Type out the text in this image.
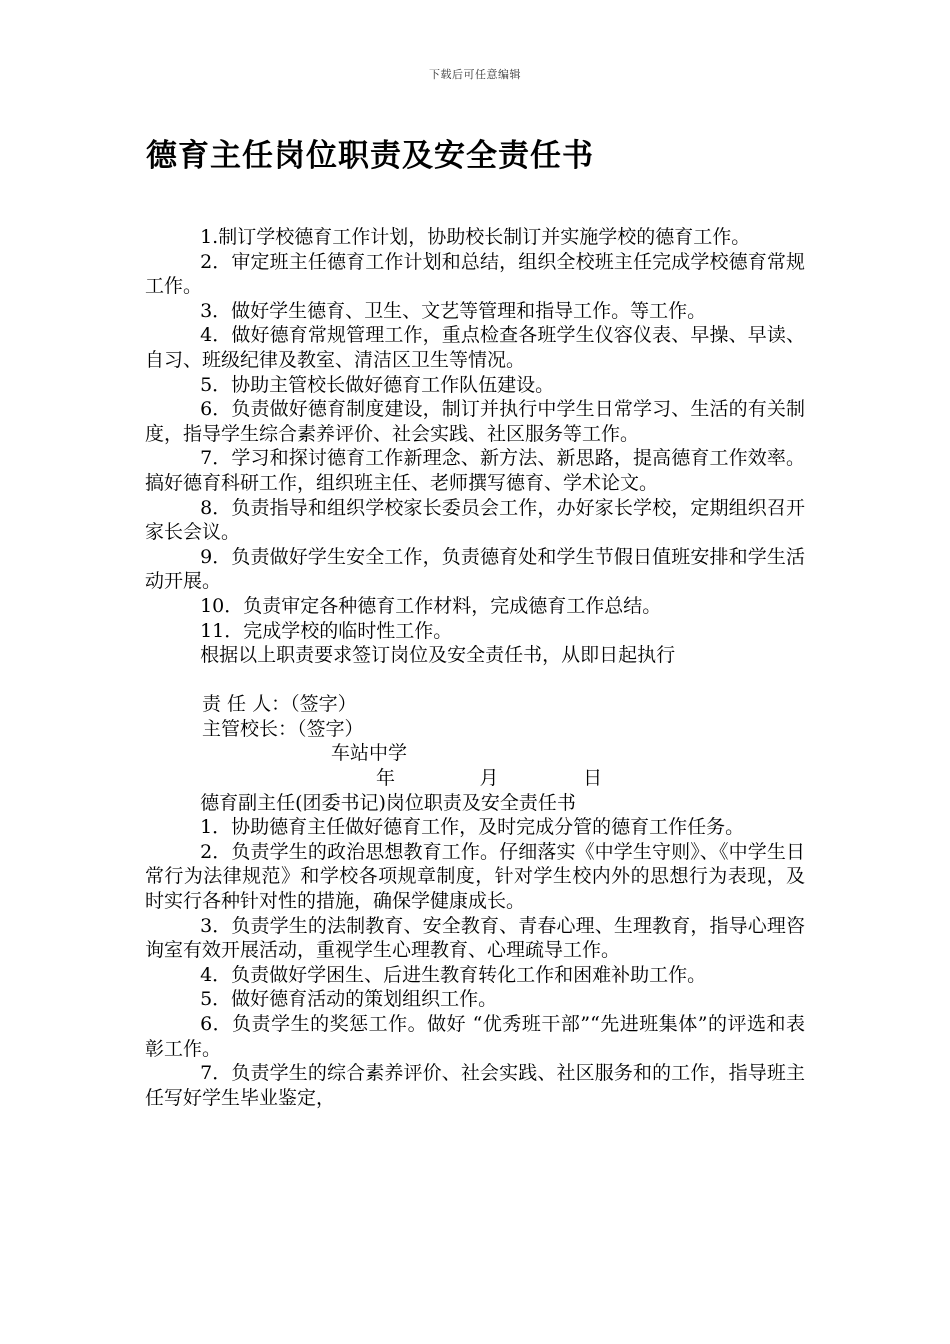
下载后可任意编辑
德育主任岗位职责及安全责任书

1.制订学校德育工作计划，协助校长制订并实施学校的德育工作。

2．审定班主任德育工作计划和总结，组织全校班主任完成学校德育常规工作。

3．做好学生德育、卫生、文艺等管理和指导工作。等工作。

4．做好德育常规管理工作，重点检查各班学生仪容仪表、早操、早读、自习、班级纪律及教室、清洁区卫生等情况。

5．协助主管校长做好德育工作队伍建设。

6．负责做好德育制度建设，制订并执行中学生日常学习、生活的有关制度，指导学生综合素养评价、社会实践、社区服务等工作。

7．学习和探讨德育工作新理念、新方法、新思路，提高德育工作效率。搞好德育科研工作，组织班主任、老师撰写德育、学术论文。

8．负责指导和组织学校家长委员会工作，办好家长学校，定期组织召开家长会议。

9．负责做好学生安全工作，负责德育处和学生节假日值班安排和学生活动开展。

10．负责审定各种德育工作材料，完成德育工作总结。

11．完成学校的临时性工作。

根据以上职责要求签订岗位及安全责任书，从即日起执行

责 任 人：（签字）

主管校长：（签字）

车站中学

年              月              日

德育副主任(团委书记)岗位职责及安全责任书

1．协助德育主任做好德育工作，及时完成分管的德育工作任务。

2．负责学生的政治思想教育工作。仔细落实《中学生守则》、《中学生日常行为法律规范》和学校各项规章制度，针对学生校内外的思想行为表现，及时实行各种针对性的措施，确保学健康成长。

3．负责学生的法制教育、安全教育、青春心理、生理教育，指导心理咨询室有效开展活动，重视学生心理教育、心理疏导工作。

4．负责做好学困生、后进生教育转化工作和困难补助工作。

5．做好德育活动的策划组织工作。

6．负责学生的奖惩工作。做好 “优秀班干部”“先进班集体”的评选和表彰工作。

7．负责学生的综合素养评价、社会实践、社区服务和的工作，指导班主任写好学生毕业鉴定，
